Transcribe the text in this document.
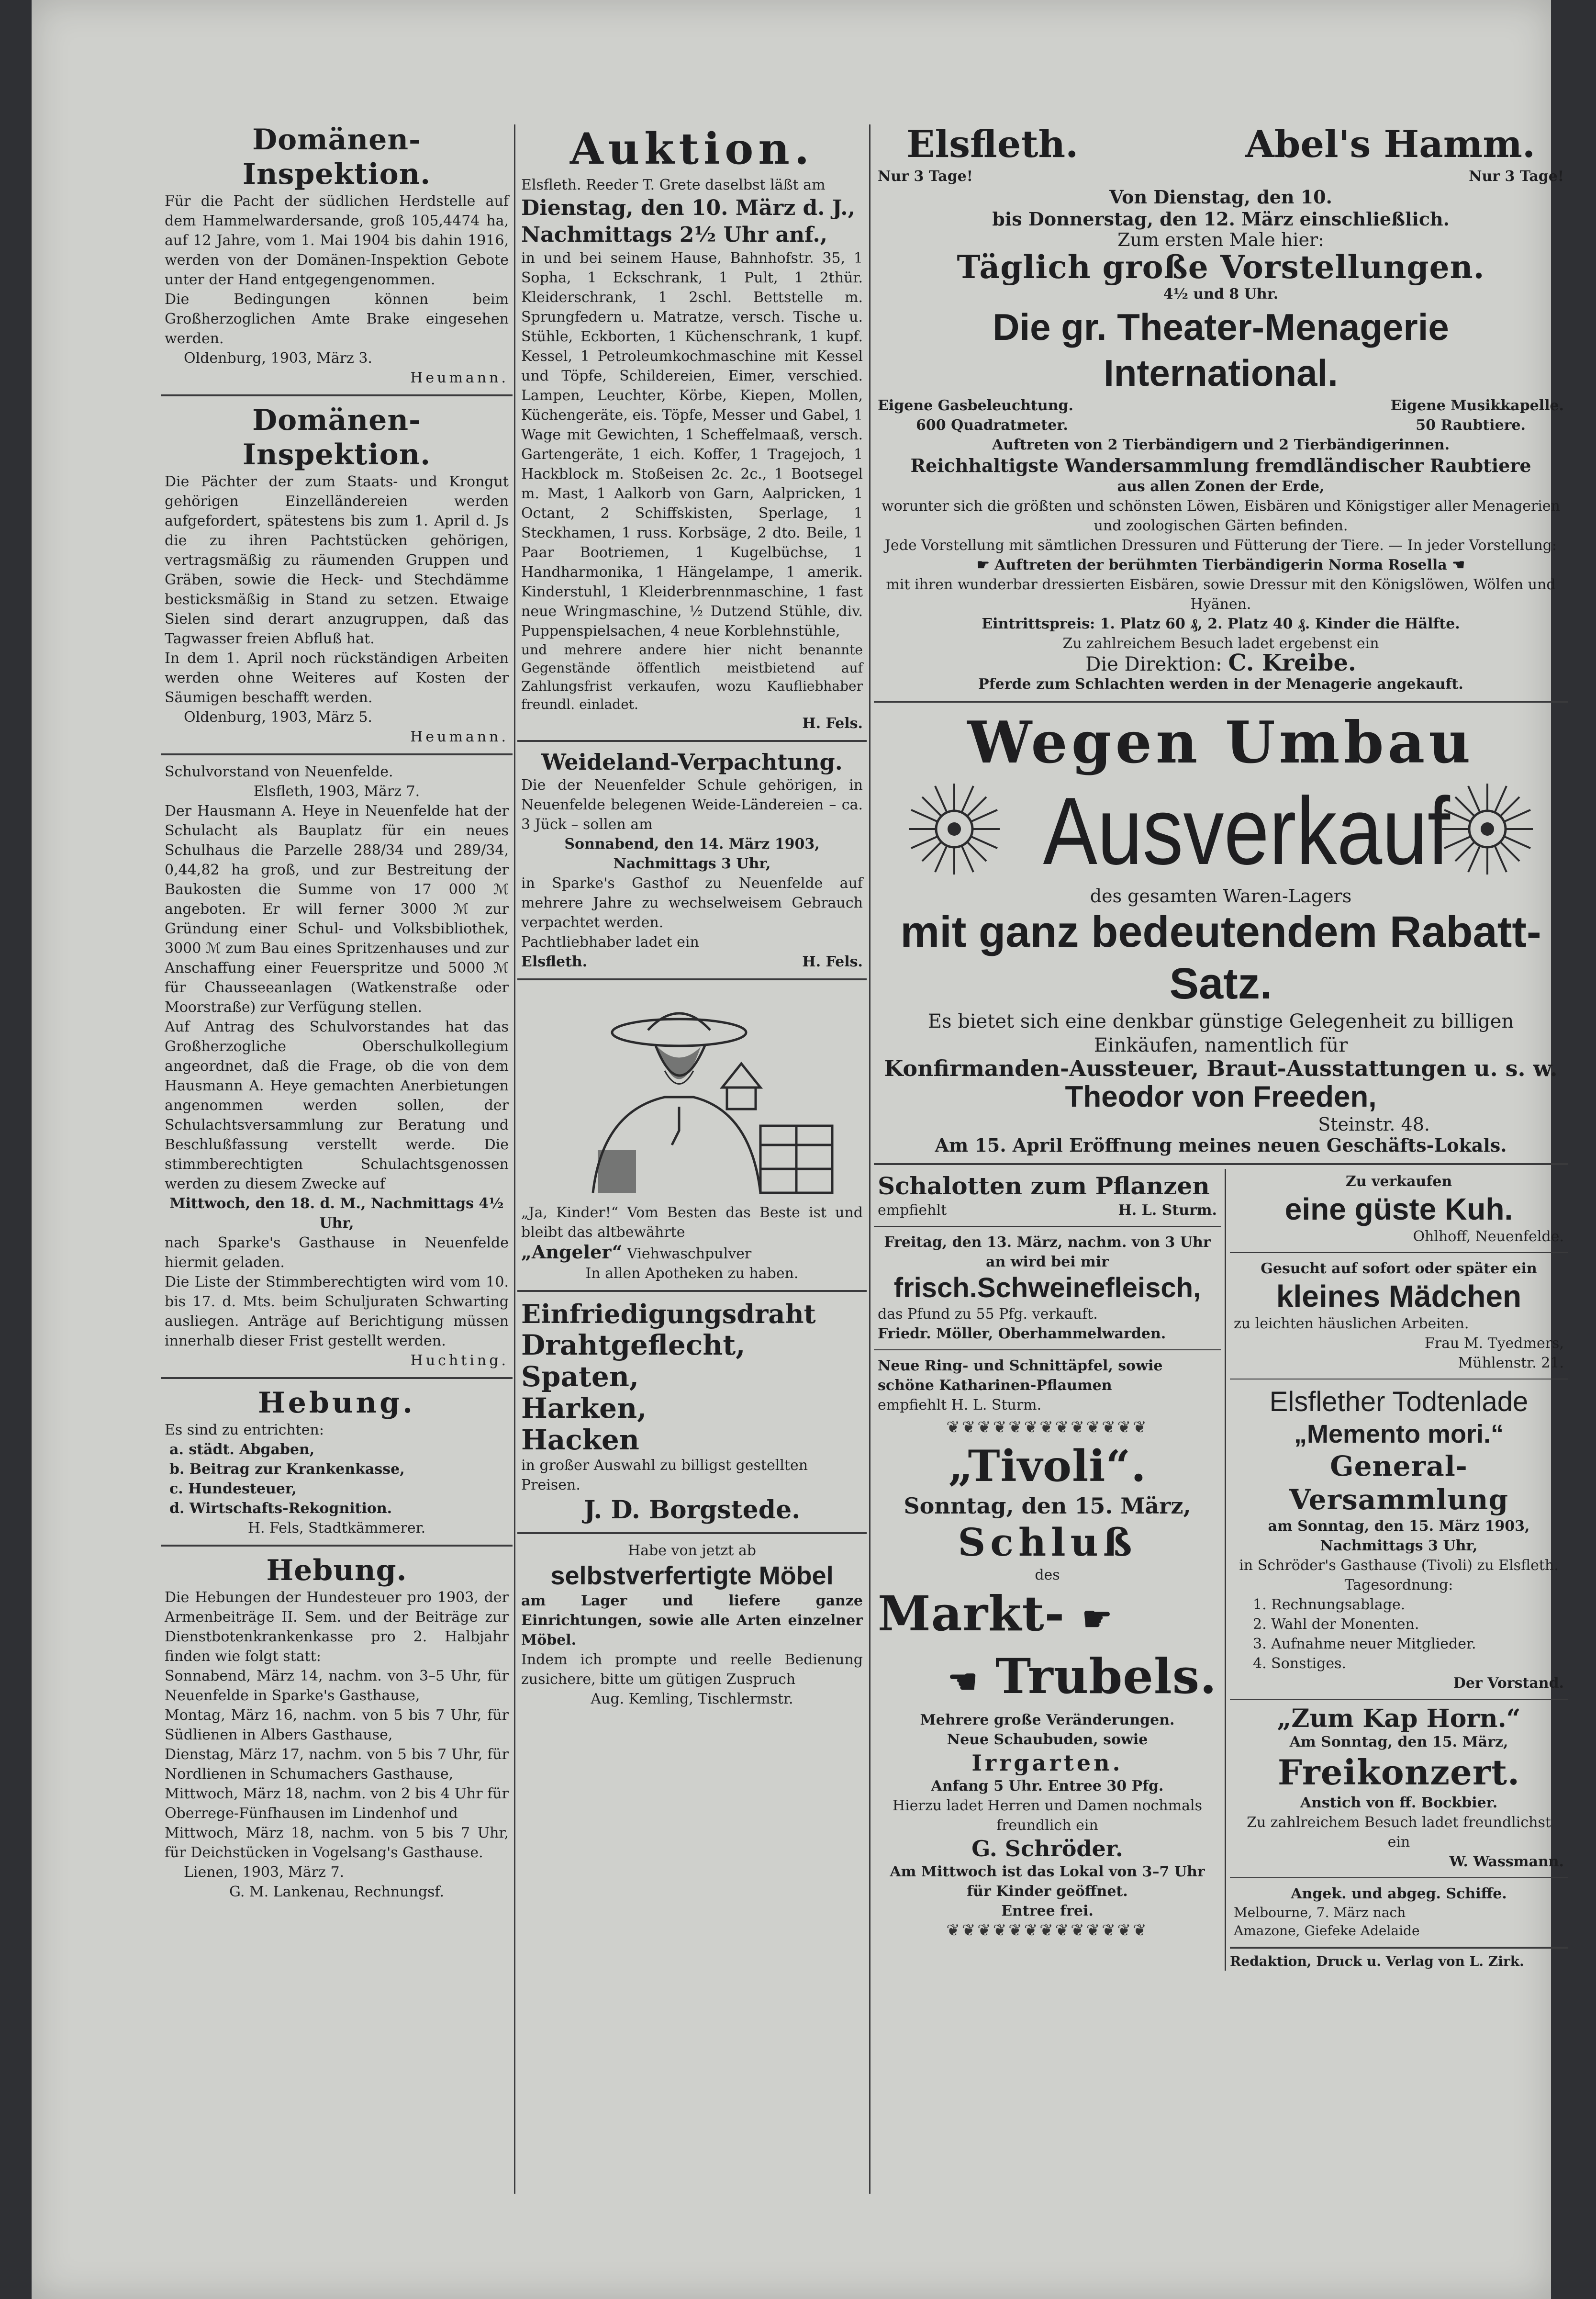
Domänen-Inspektion.

Für die Pacht der südlichen Herdstelle auf dem Hammelwardersande, groß 105,4474 ha, auf 12 Jahre, vom 1. Mai 1904 bis dahin 1916, werden von der Domänen-Inspektion Gebote unter der Hand entgegengenommen.

Die Bedingungen können beim Großherzoglichen Amte Brake eingesehen werden.

Oldenburg, 1903, März 3.

Heumann.

Domänen-Inspektion.

Die Pächter der zum Staats- und Krongut gehörigen Einzelländereien werden aufgefordert, spätestens bis zum 1. April d. Js die zu ihren Pachtstücken gehörigen, vertragsmäßig zu räumenden Gruppen und Gräben, sowie die Heck- und Stechdämme besticksmäßig in Stand zu setzen. Etwaige Sielen sind derart anzugruppen, daß das Tagwasser freien Abfluß hat.

In dem 1. April noch rückständigen Arbeiten werden ohne Weiteres auf Kosten der Säumigen beschafft werden.

Oldenburg, 1903, März 5.

Heumann.

Schulvorstand von Neuenfelde.

Elsfleth, 1903, März 7.

Der Hausmann A. Heye in Neuenfelde hat der Schulacht als Bauplatz für ein neues Schulhaus die Parzelle 288/34 und 289/34, 0,44,82 ha groß, und zur Bestreitung der Baukosten die Summe von 17 000 ℳ angeboten. Er will ferner 3000 ℳ zur Gründung einer Schul- und Volksbibliothek, 3000 ℳ zum Bau eines Spritzenhauses und zur Anschaffung einer Feuerspritze und 5000 ℳ für Chausseeanlagen (Watkenstraße oder Moorstraße) zur Verfügung stellen.

Auf Antrag des Schulvorstandes hat das Großherzogliche Oberschulkollegium angeordnet, daß die Frage, ob die von dem Hausmann A. Heye gemachten Anerbietungen angenommen werden sollen, der Schulachtsversammlung zur Beratung und Beschlußfassung verstellt werde. Die stimmberechtigten Schulachtsgenossen werden zu diesem Zwecke auf

Mittwoch, den 18. d. M., Nachmittags 4½ Uhr,

nach Sparke's Gasthause in Neuenfelde hiermit geladen.

Die Liste der Stimmberechtigten wird vom 10. bis 17. d. Mts. beim Schuljuraten Schwarting ausliegen. Anträge auf Berichtigung müssen innerhalb dieser Frist gestellt werden.

Huchting.

Hebung.

Es sind zu entrichten:

a. städt. Abgaben,
b. Beitrag zur Krankenkasse,
c. Hundesteuer,
d. Wirtschafts-Rekognition.

H. Fels, Stadtkämmerer.

Hebung.

Die Hebungen der Hundesteuer pro 1903, der Armenbeiträge II. Sem. und der Beiträge zur Dienstbotenkrankenkasse pro 2. Halbjahr finden wie folgt statt:

Sonnabend, März 14, nachm. von 3–5 Uhr, für Neuenfelde in Sparke's Gasthause,

Montag, März 16, nachm. von 5 bis 7 Uhr, für Südlienen in Albers Gasthause,

Dienstag, März 17, nachm. von 5 bis 7 Uhr, für Nordlienen in Schumachers Gasthause,

Mittwoch, März 18, nachm. von 2 bis 4 Uhr für Oberrege-Fünfhausen im Lindenhof und

Mittwoch, März 18, nachm. von 5 bis 7 Uhr, für Deichstücken in Vogelsang's Gasthause.

Lienen, 1903, März 7.

G. M. Lankenau, Rechnungsf.

Auktion.

Elsfleth. Reeder T. Grete daselbst läßt am

Dienstag, den 10. März d. J., Nachmittags 2½ Uhr anf.,

in und bei seinem Hause, Bahnhofstr. 35, 1 Sopha, 1 Eckschrank, 1 Pult, 1 2thür. Kleiderschrank, 1 2schl. Bettstelle m. Sprungfedern u. Matratze, versch. Tische u. Stühle, Eckborten, 1 Küchenschrank, 1 kupf. Kessel, 1 Petroleumkochmaschine mit Kessel und Töpfe, Schildereien, Eimer, verschied. Lampen, Leuchter, Körbe, Kiepen, Mollen, Küchengeräte, eis. Töpfe, Messer und Gabel, 1 Wage mit Gewichten, 1 Scheffelmaaß, versch. Gartengeräte, 1 eich. Koffer, 1 Tragejoch, 1 Hackblock m. Stoßeisen 2c. 2c., 1 Bootsegel m. Mast, 1 Aalkorb von Garn, Aalpricken, 1 Octant, 2 Schiffskisten, Sperlage, 1 Steckhamen, 1 russ. Korbsäge, 2 dto. Beile, 1 Paar Bootriemen, 1 Kugelbüchse, 1 Handharmonika, 1 Hängelampe, 1 amerik. Kinderstuhl, 1 Kleiderbrennmaschine, 1 fast neue Wringmaschine, ½ Dutzend Stühle, div. Puppenspielsachen, 4 neue Korblehnstühle,

und mehrere andere hier nicht benannte Gegenstände öffentlich meistbietend auf Zahlungsfrist verkaufen, wozu Kaufliebhaber freundl. einladet.

H. Fels.

Weideland-Verpachtung.

Die der Neuenfelder Schule gehörigen, in Neuenfelde belegenen Weide-Ländereien – ca. 3 Jück – sollen am

Sonnabend, den 14. März 1903, Nachmittags 3 Uhr,

in Sparke's Gasthof zu Neuenfelde auf mehrere Jahre zu wechselweisem Gebrauch verpachtet werden.

Pachtliebhaber ladet ein

Elsfleth.	H. Fels.

„Ja, Kinder!“ Vom Besten das Beste ist und bleibt das altbewährte

„Angeler“ Viehwaschpulver

In allen Apotheken zu haben.

Einfriedigungsdraht
Drahtgeflecht,
Spaten,
Harken,
Hacken

in großer Auswahl zu billigst gestellten Preisen.

J. D. Borgstede.

Habe von jetzt ab

selbstverfertigte Möbel

am Lager und liefere ganze Einrichtungen, sowie alle Arten einzelner Möbel.

Indem ich prompte und reelle Bedienung zusichere, bitte um gütigen Zuspruch

Aug. Kemling, Tischlermstr.

Elsfleth.	Abel's Hamm.
Nur 3 Tage!	Nur 3 Tage!
Von Dienstag, den 10.
bis Donnerstag, den 12. März einschließlich.

Zum ersten Male hier:

Täglich große Vorstellungen.

4½ und 8 Uhr.

Die gr. Theater-Menagerie International.
Eigene Gasbeleuchtung.	Eigene Musikkapelle.
600 Quadratmeter.	50 Raubtiere.

Auftreten von 2 Tierbändigern und 2 Tierbändigerinnen.

Reichhaltigste Wandersammlung fremdländischer Raubtiere

aus allen Zonen der Erde,

worunter sich die größten und schönsten Löwen, Eisbären und Königstiger aller Menagerien und zoologischen Gärten befinden.

Jede Vorstellung mit sämtlichen Dressuren und Fütterung der Tiere. — In jeder Vorstellung:

☛ Auftreten der berühmten Tierbändigerin Norma Rosella ☚

mit ihren wunderbar dressierten Eisbären, sowie Dressur mit den Königslöwen, Wölfen und Hyänen.

Eintrittspreis: 1. Platz 60 ₰, 2. Platz 40 ₰. Kinder die Hälfte.

Zu zahlreichem Besuch ladet ergebenst ein

Die Direktion: C. Kreibe.

Pferde zum Schlachten werden in der Menagerie angekauft.

Wegen Umbau
Ausverkauf

des gesamten Waren-Lagers

mit ganz bedeutendem Rabatt-Satz.

Es bietet sich eine denkbar günstige Gelegenheit zu billigen Einkäufen, namentlich für

Konfirmanden-Aussteuer, Braut-Ausstattungen u. s. w.
Theodor von Freeden,

Steinstr. 48.

Am 15. April Eröffnung meines neuen Geschäfts-Lokals.
Schalotten zum Pflanzen
empfiehlt	H. L. Sturm.

Freitag, den 13. März, nachm. von 3 Uhr an wird bei mir

frisch.Schweinefleisch,

das Pfund zu 55 Pfg. verkauft.

Friedr. Möller, Oberhammelwarden.

Neue Ring- und Schnittäpfel, sowie schöne Katharinen-Pflaumen

empfiehlt H. L. Sturm.

❦❦❦❦❦❦❦❦❦❦❦❦❦
„Tivoli“.
Sonntag, den 15. März,
Schluß

des

Markt- ☛
☚ Trubels.

Mehrere große Veränderungen.

Neue Schaubuden, sowie

Irrgarten.

Anfang 5 Uhr. Entree 30 Pfg.

Hierzu ladet Herren und Damen nochmals freundlich ein

G. Schröder.

Am Mittwoch ist das Lokal von 3–7 Uhr für Kinder geöffnet.

Entree frei.

❦❦❦❦❦❦❦❦❦❦❦❦❦

Zu verkaufen

eine güste Kuh.

Ohlhoff, Neuenfelde.

Gesucht auf sofort oder später ein

kleines Mädchen

zu leichten häuslichen Arbeiten.

Frau M. Tyedmers,

Mühlenstr. 21.

Elsflether Todtenlade
„Memento mori.“
General-Versammlung

am Sonntag, den 15. März 1903, Nachmittags 3 Uhr,

in Schröder's Gasthause (Tivoli) zu Elsfleth.

Tagesordnung:

1. Rechnungsablage.
2. Wahl der Monenten.
3. Aufnahme neuer Mitglieder.
4. Sonstiges.

Der Vorstand.

„Zum Kap Horn.“

Am Sonntag, den 15. März,

Freikonzert.

Anstich von ff. Bockbier.

Zu zahlreichem Besuch ladet freundlichst ein

W. Wassmann.

Angek. und abgeg. Schiffe.

Melbourne, 7. März nach

Amazone, Giefeke Adelaide

Redaktion, Druck u. Verlag von L. Zirk.
